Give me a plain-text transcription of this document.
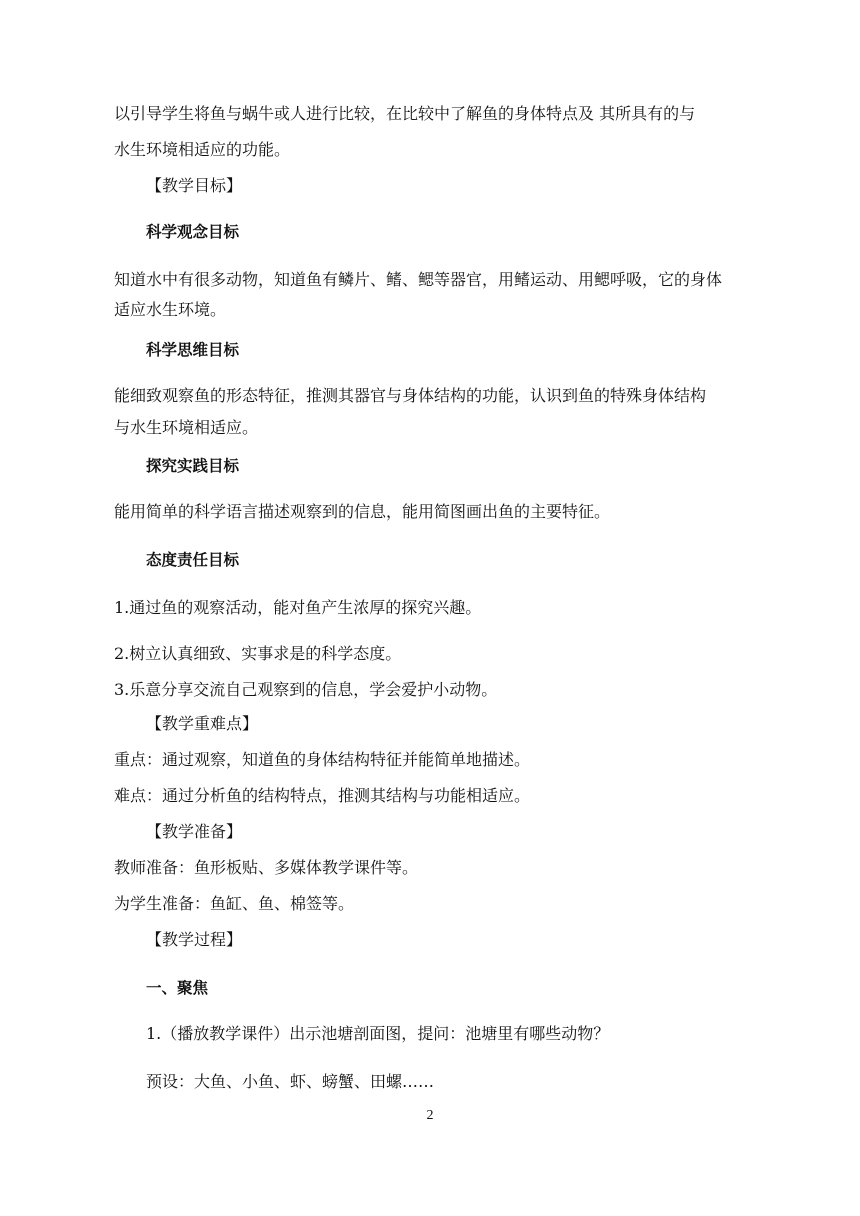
以引导学生将鱼与蜗牛或人进行比较，在比较中了解鱼的身体特点及 其所具有的与

水生环境相适应的功能。

【教学目标】

科学观念目标

知道水中有很多动物，知道鱼有鳞片、鳍、鳃等器官，用鳍运动、用鳃呼吸，它的身体

适应水生环境。

科学思维目标

能细致观察鱼的形态特征，推测其器官与身体结构的功能，认识到鱼的特殊身体结构

与水生环境相适应。

探究实践目标

能用简单的科学语言描述观察到的信息，能用简图画出鱼的主要特征。

态度责任目标

1.通过鱼的观察活动，能对鱼产生浓厚的探究兴趣。

2.树立认真细致、实事求是的科学态度。

3.乐意分享交流自己观察到的信息，学会爱护小动物。

【教学重难点】

重点：通过观察，知道鱼的身体结构特征并能简单地描述。

难点：通过分析鱼的结构特点，推测其结构与功能相适应。

【教学准备】

教师准备：鱼形板贴、多媒体教学课件等。

为学生准备：鱼缸、鱼、棉签等。

【教学过程】

一、聚焦

1.（播放教学课件）出示池塘剖面图，提问：池塘里有哪些动物？

预设：大鱼、小鱼、虾、螃蟹、田螺……

2
